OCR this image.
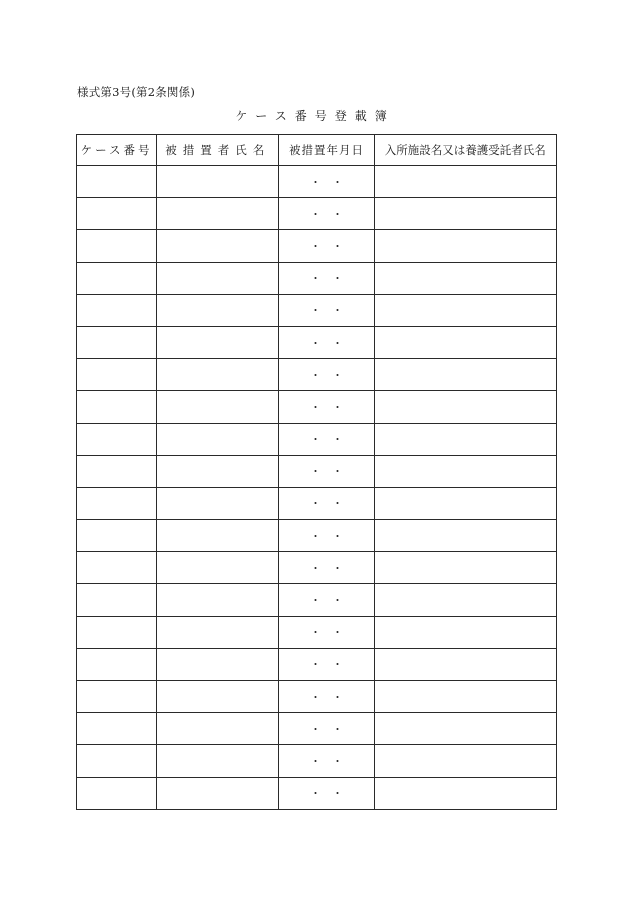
様式第3号(第2条関係)
ケース番号登載簿
ケース番号	被措置者氏名	被措置年月日	入所施設名又は養護受託者氏名
		・　・	
		・　・	
		・　・	
		・　・	
		・　・	
		・　・	
		・　・	
		・　・	
		・　・	
		・　・	
		・　・	
		・　・	
		・　・	
		・　・	
		・　・	
		・　・	
		・　・	
		・　・	
		・　・	
		・　・	
